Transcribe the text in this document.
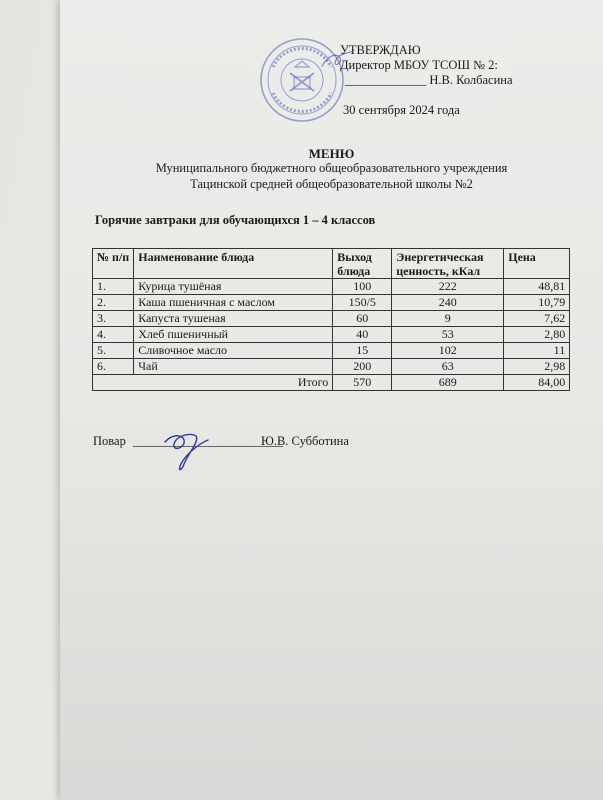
УТВЕРЖДАЮ
Директор МБОУ ТСОШ № 2:
_____________ Н.В. Колбасина
30 сентября 2024 года
МЕНЮ
Муниципального бюджетного общеобразовательного учреждения
Тацинской средней общеобразовательной школы №2
Горячие завтраки для обучающихся 1 – 4 классов
№ п/п	Наименование блюда	Выход блюда	Энергетическая ценность, кКал	Цена
1.	Курица тушёная	100	222	48,81
2.	Каша пшеничная с маслом	150/5	240	10,79
3.	Капуста тушеная	60	9	7,62
4.	Хлеб пшеничный	40	53	2,80
5.	Сливочное масло	15	102	11
6.	Чай	200	63	2,98
Итого		570	689	84,00
Повар ________________________
Ю.В. Субботина
